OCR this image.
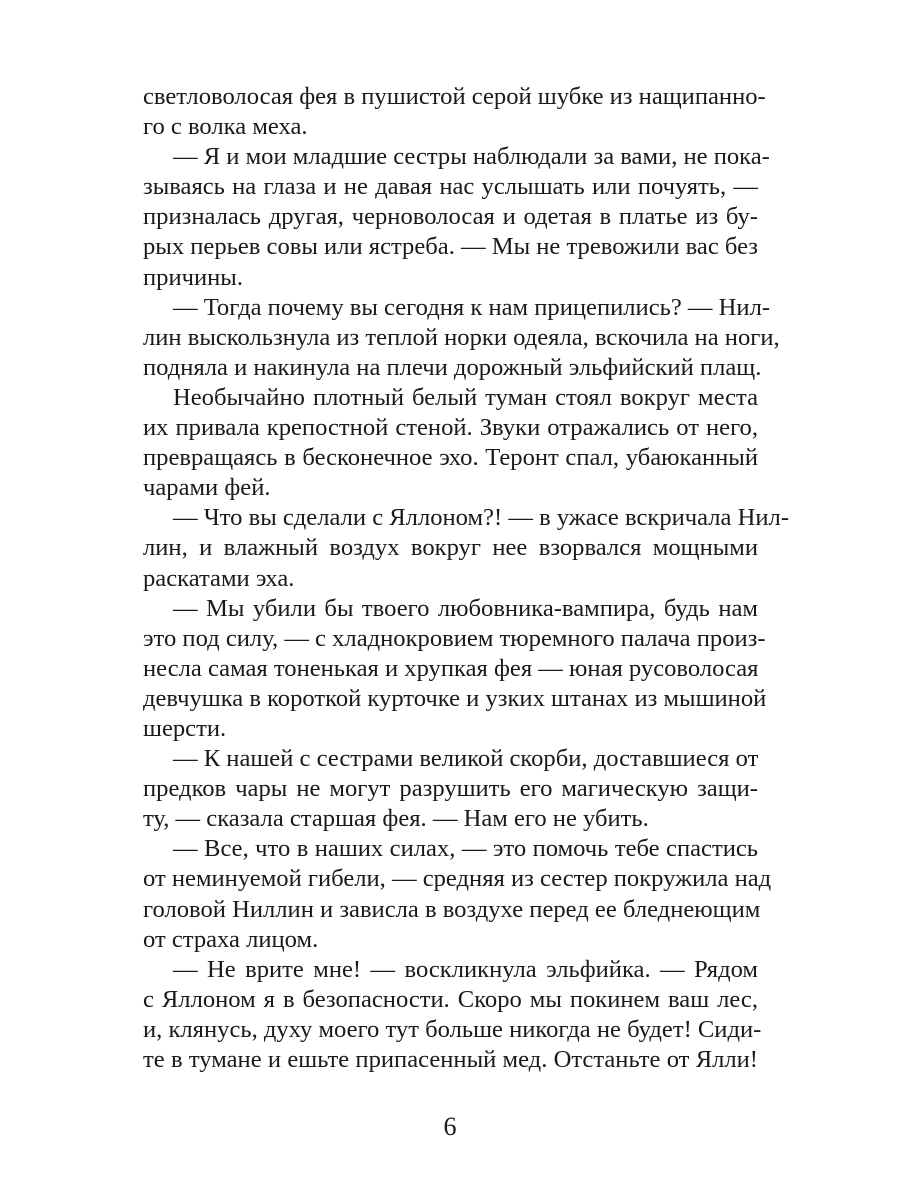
светловолосая фея в пушистой серой шубке из нащипанно-
го с волка меха.
— Я и мои младшие сестры наблюдали за вами, не пока-
зываясь на глаза и не давая нас услышать или почуять, —
призналась другая, черноволосая и одетая в платье из бу-
рых перьев совы или ястреба. — Мы не тревожили вас без
причины.
— Тогда почему вы сегодня к нам прицепились? — Нил-
лин выскользнула из теплой норки одеяла, вскочила на ноги,
подняла и накинула на плечи дорожный эльфийский плащ.
Необычайно плотный белый туман стоял вокруг места
их привала крепостной стеной. Звуки отражались от него,
превращаясь в бесконечное эхо. Теронт спал, убаюканный
чарами фей.
— Что вы сделали с Яллоном?! — в ужасе вскричала Нил-
лин, и влажный воздух вокруг нее взорвался мощными
раскатами эха.
— Мы убили бы твоего любовника-вампира, будь нам
это под силу, — с хладнокровием тюремного палача произ-
несла самая тоненькая и хрупкая фея — юная русоволосая
девчушка в короткой курточке и узких штанах из мышиной
шерсти.
— К нашей с сестрами великой скорби, доставшиеся от
предков чары не могут разрушить его магическую защи-
ту, — сказала старшая фея. — Нам его не убить.
— Все, что в наших силах, — это помочь тебе спастись
от неминуемой гибели, — средняя из сестер покружила над
головой Ниллин и зависла в воздухе перед ее бледнеющим
от страха лицом.
— Не врите мне! — воскликнула эльфийка. — Рядом
с Яллоном я в безопасности. Скоро мы покинем ваш лес,
и, клянусь, духу моего тут больше никогда не будет! Сиди-
те в тумане и ешьте припасенный мед. Отстаньте от Ялли!
6
